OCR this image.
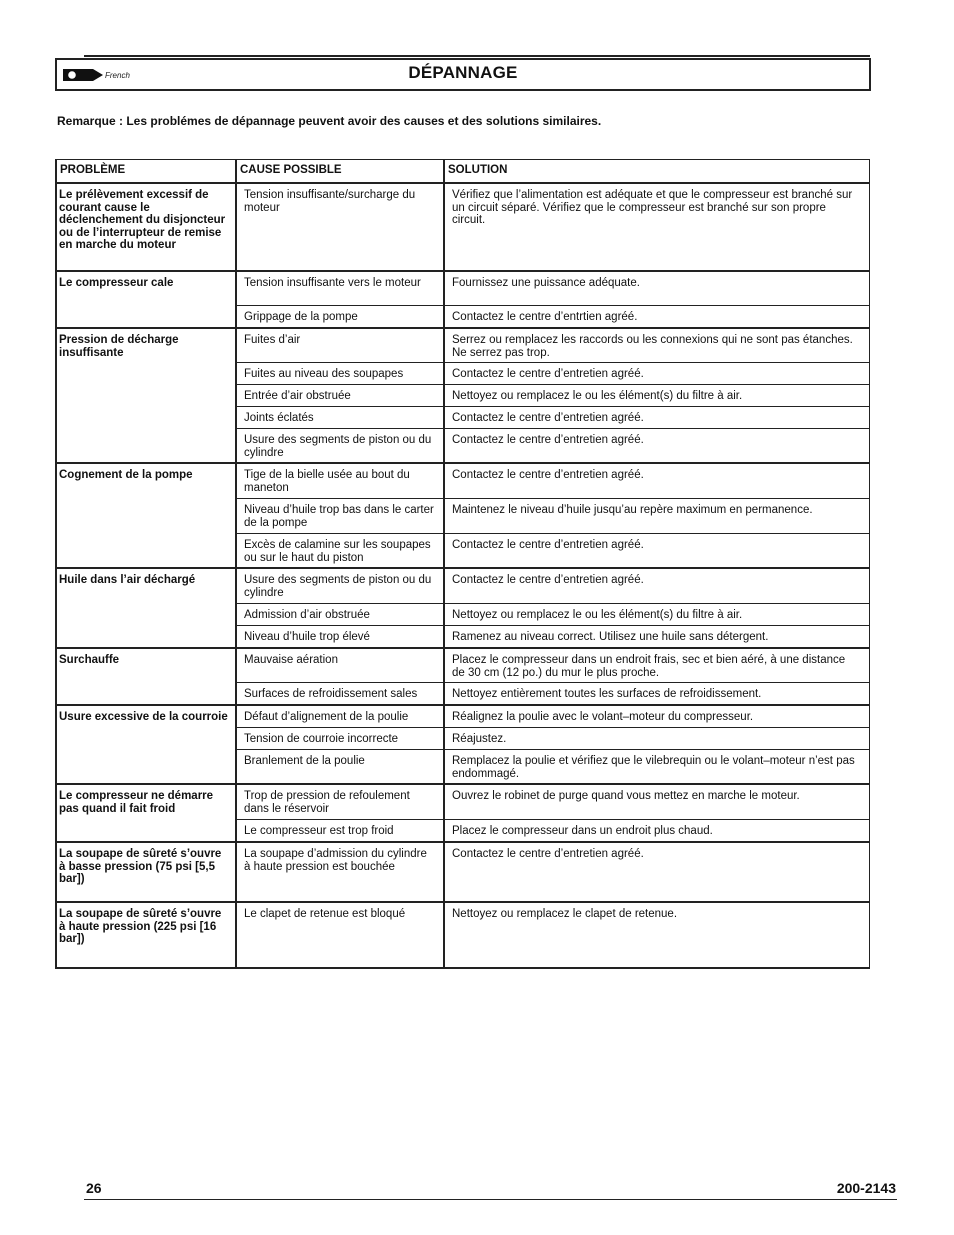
French	DÉPANNAGE
Remarque : Les problémes de dépannage peuvent avoir des causes et des solutions similaires.
PROBLÈME	CAUSE POSSIBLE	SOLUTION
Le prélèvement excessif de courant cause le déclenchement du disjoncteur ou de l’interrupteur de remise en marche du moteur	Tension insuffisante/surcharge du moteur	Vérifiez que l’alimentation est adéquate et que le compresseur est branché sur un circuit séparé. Vérifiez que le compresseur est branché sur son propre circuit.
Le compresseur cale	Tension insuffisante vers le moteur	Fournissez une puissance adéquate.
	Grippage de la pompe	Contactez le centre d’entrtien agréé.
Pression de décharge insuffisante	Fuites d’air	Serrez ou remplacez les raccords ou les connexions qui ne sont pas étanches. Ne serrez pas trop.
	Fuites au niveau des soupapes	Contactez le centre d’entretien agréé.
	Entrée d’air obstruée	Nettoyez ou remplacez le ou les élément(s) du filtre à air.
	Joints éclatés	Contactez le centre d’entretien agréé.
	Usure des segments de piston ou du cylindre	Contactez le centre d’entretien agréé.
Cognement de la pompe	Tige de la bielle usée au bout du maneton	Contactez le centre d’entretien agréé.
	Niveau d’huile trop bas dans le carter de la pompe	Maintenez le niveau d’huile jusqu’au repère maximum en permanence.
	Excès de calamine sur les soupapes ou sur le haut du piston	Contactez le centre d’entretien agréé.
Huile dans l’air déchargé	Usure des segments de piston ou du cylindre	Contactez le centre d’entretien agréé.
	Admission d’air obstruée	Nettoyez ou remplacez le ou les élément(s) du filtre à air.
	Niveau d’huile trop élevé	Ramenez au niveau correct. Utilisez une huile sans détergent.
Surchauffe	Mauvaise aération	Placez le compresseur dans un endroit frais, sec et bien aéré, à une distance de 30 cm (12 po.) du mur le plus proche.
	Surfaces de refroidissement sales	Nettoyez entièrement toutes les surfaces de refroidissement.
Usure excessive de la courroie	Défaut d’alignement de la poulie	Réalignez la poulie avec le volant–moteur du compresseur.
	Tension de courroie incorrecte	Réajustez.
	Branlement de la poulie	Remplacez la poulie et vérifiez que le vilebrequin ou le volant–moteur n’est pas endommagé.
Le compresseur ne démarre pas quand il fait froid	Trop de pression de refoulement dans le réservoir	Ouvrez le robinet de purge quand vous mettez en marche le moteur.
	Le compresseur est trop froid	Placez le compresseur dans un endroit plus chaud.
La soupape de sûreté s’ouvre à basse pression (75 psi [5,5 bar])	La soupape d’admission du cylindre à haute pression est bouchée	Contactez le centre d’entretien agréé.
La soupape de sûreté s’ouvre à haute pression (225 psi [16 bar])	Le clapet de retenue est bloqué	Nettoyez ou remplacez le clapet de retenue.
26	200-2143
